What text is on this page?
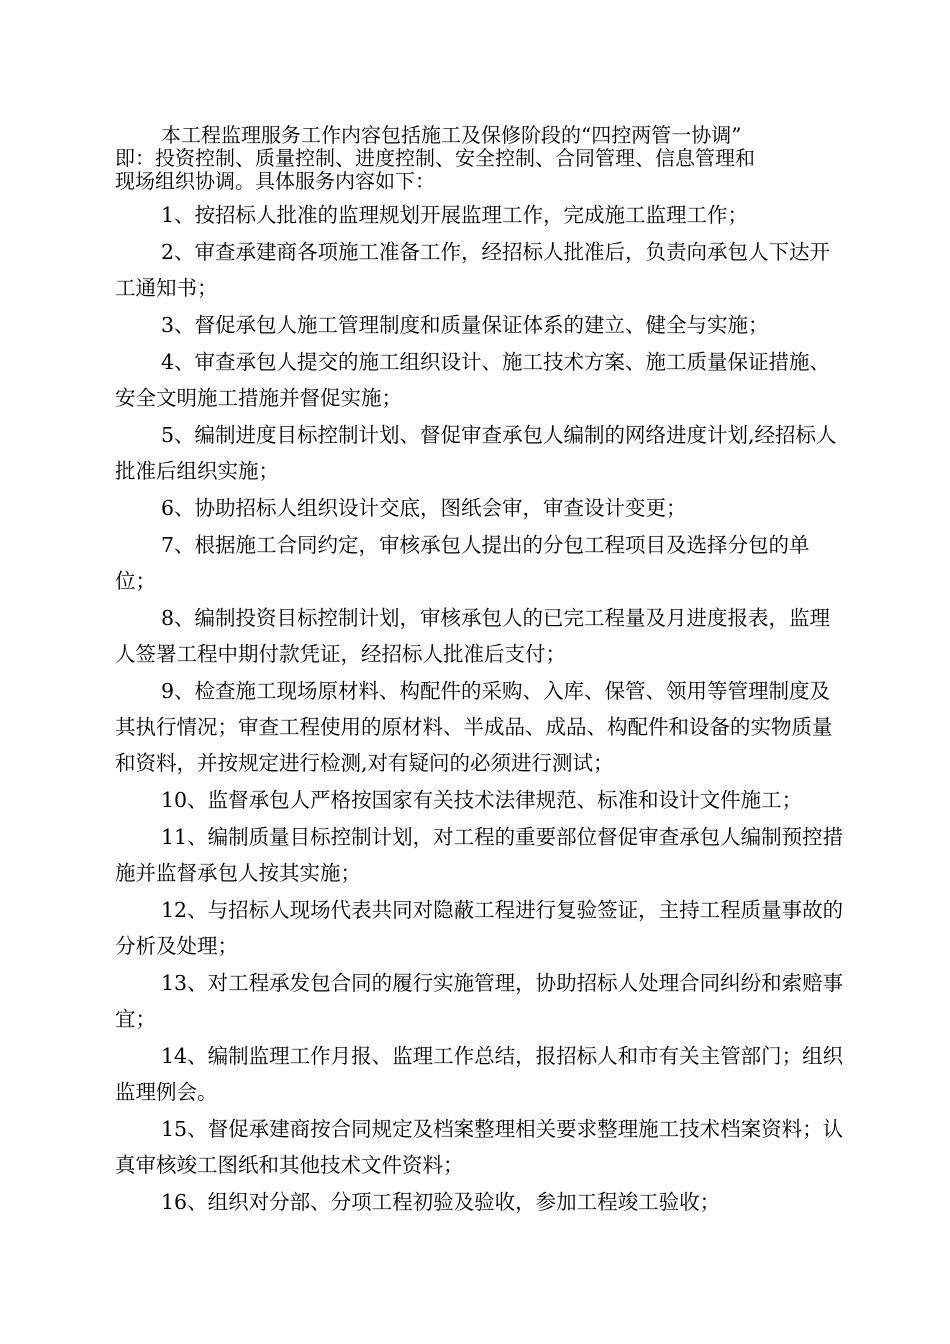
本工程监理服务工作内容包括施工及保修阶段的“四控两管一协调”
即：投资控制、质量控制、进度控制、安全控制、合同管理、信息管理和
现场组织协调。具体服务内容如下：

1、按招标人批准的监理规划开展监理工作，完成施工监理工作；

2、审查承建商各项施工准备工作，经招标人批准后，负责向承包人下达开工通知书；

3、督促承包人施工管理制度和质量保证体系的建立、健全与实施；

4、审查承包人提交的施工组织设计、施工技术方案、施工质量保证措施、安全文明施工措施并督促实施；

5、编制进度目标控制计划、督促审查承包人编制的网络进度计划,经招标人批准后组织实施；

6、协助招标人组织设计交底，图纸会审，审查设计变更；

7、根据施工合同约定，审核承包人提出的分包工程项目及选择分包的单位；

8、编制投资目标控制计划，审核承包人的已完工程量及月进度报表，监理人签署工程中期付款凭证，经招标人批准后支付；

9、检查施工现场原材料、构配件的采购、入库、保管、领用等管理制度及其执行情况；审查工程使用的原材料、半成品、成品、构配件和设备的实物质量和资料，并按规定进行检测,对有疑问的必须进行测试；

10、监督承包人严格按国家有关技术法律规范、标准和设计文件施工；

11、编制质量目标控制计划，对工程的重要部位督促审查承包人编制预控措施并监督承包人按其实施；

12、与招标人现场代表共同对隐蔽工程进行复验签证，主持工程质量事故的分析及处理；

13、对工程承发包合同的履行实施管理，协助招标人处理合同纠纷和索赔事宜；

14、编制监理工作月报、监理工作总结，报招标人和市有关主管部门；组织监理例会。

15、督促承建商按合同规定及档案整理相关要求整理施工技术档案资料；认真审核竣工图纸和其他技术文件资料；

16、组织对分部、分项工程初验及验收，参加工程竣工验收；
